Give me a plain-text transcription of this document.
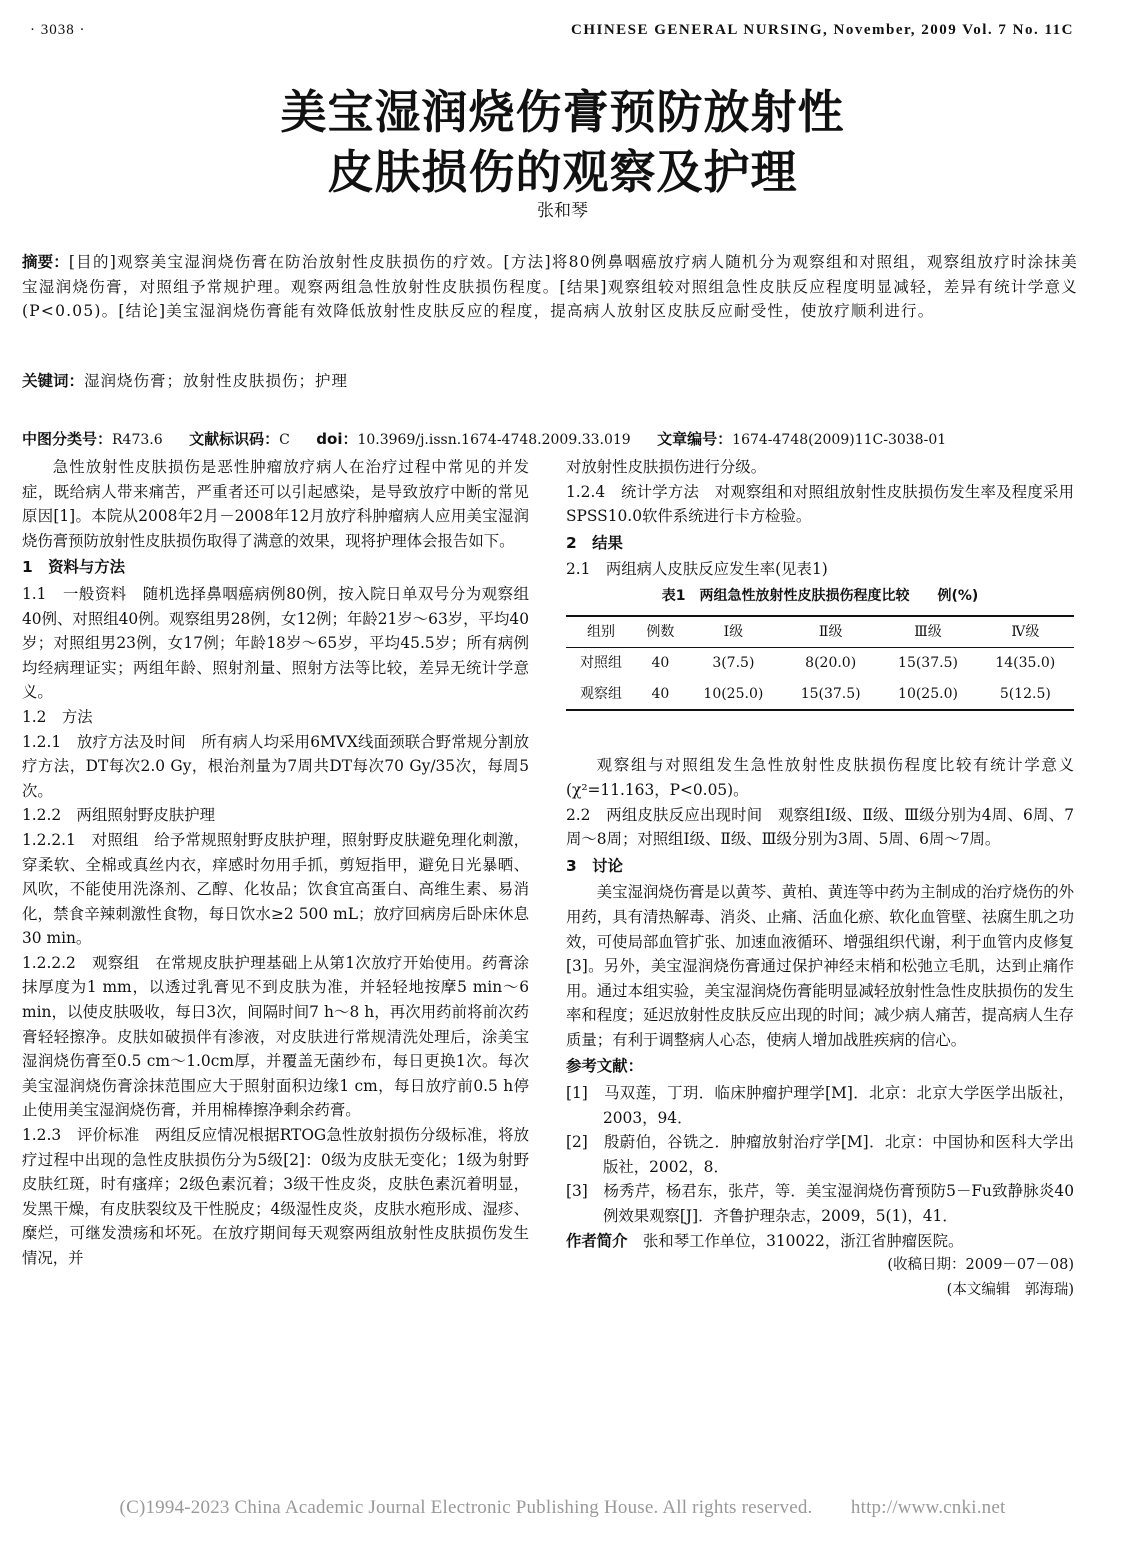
· 3038 ·	CHINESE GENERAL NURSING, November, 2009 Vol. 7 No. 11C
美宝湿润烧伤膏预防放射性
皮肤损伤的观察及护理
张和琴
摘要：[目的]观察美宝湿润烧伤膏在防治放射性皮肤损伤的疗效。[方法]将80例鼻咽癌放疗病人随机分为观察组和对照组，观察组放疗时涂抹美宝湿润烧伤膏，对照组予常规护理。观察两组急性放射性皮肤损伤程度。[结果]观察组较对照组急性皮肤反应程度明显减轻，差异有统计学意义(P<0.05)。[结论]美宝湿润烧伤膏能有效降低放射性皮肤反应的程度，提高病人放射区皮肤反应耐受性，使放疗顺利进行。
关键词：湿润烧伤膏；放射性皮肤损伤；护理
中图分类号：R473.6 文献标识码：C doi：10.3969/j.issn.1674-4748.2009.33.019 文章编号：1674-4748(2009)11C-3038-01

急性放射性皮肤损伤是恶性肿瘤放疗病人在治疗过程中常见的并发症，既给病人带来痛苦，严重者还可以引起感染，是导致放疗中断的常见原因[1]。本院从2008年2月－2008年12月放疗科肿瘤病人应用美宝湿润烧伤膏预防放射性皮肤损伤取得了满意的效果，现将护理体会报告如下。

1　资料与方法

1.1　一般资料　随机选择鼻咽癌病例80例，按入院日单双号分为观察组40例、对照组40例。观察组男28例，女12例；年龄21岁～63岁，平均40岁；对照组男23例，女17例；年龄18岁～65岁，平均45.5岁；所有病例均经病理证实；两组年龄、照射剂量、照射方法等比较，差异无统计学意义。

1.2　方法

1.2.1　放疗方法及时间　所有病人均采用6MVX线面颈联合野常规分割放疗方法，DT每次2.0 Gy，根治剂量为7周共DT每次70 Gy/35次，每周5次。

1.2.2　两组照射野皮肤护理

1.2.2.1　对照组　给予常规照射野皮肤护理，照射野皮肤避免理化刺激，穿柔软、全棉或真丝内衣，痒感时勿用手抓，剪短指甲，避免日光暴晒、风吹，不能使用洗涤剂、乙醇、化妆品；饮食宜高蛋白、高维生素、易消化，禁食辛辣刺激性食物，每日饮水≥2 500 mL；放疗回病房后卧床休息30 min。

1.2.2.2　观察组　在常规皮肤护理基础上从第1次放疗开始使用。药膏涂抹厚度为1 mm，以透过乳膏见不到皮肤为准，并轻轻地按摩5 min～6 min，以使皮肤吸收，每日3次，间隔时间7 h～8 h，再次用药前将前次药膏轻轻擦净。皮肤如破损伴有渗液，对皮肤进行常规清洗处理后，涂美宝湿润烧伤膏至0.5 cm～1.0cm厚，并覆盖无菌纱布，每日更换1次。每次美宝湿润烧伤膏涂抹范围应大于照射面积边缘1 cm，每日放疗前0.5 h停止使用美宝湿润烧伤膏，并用棉棒擦净剩余药膏。

1.2.3　评价标准　两组反应情况根据RTOG急性放射损伤分级标准，将放疗过程中出现的急性皮肤损伤分为5级[2]：0级为皮肤无变化；1级为射野皮肤红斑，时有瘙痒；2级色素沉着；3级干性皮炎，皮肤色素沉着明显，发黑干燥，有皮肤裂纹及干性脱皮；4级湿性皮炎，皮肤水疱形成、湿疹、糜烂，可继发溃疡和坏死。在放疗期间每天观察两组放射性皮肤损伤发生情况，并

对放射性皮肤损伤进行分级。

1.2.4　统计学方法　对观察组和对照组放射性皮肤损伤发生率及程度采用SPSS10.0软件系统进行卡方检验。

2　结果

2.1　两组病人皮肤反应发生率(见表1)

表1　两组急性放射性皮肤损伤程度比较　　例(%)
组别	例数	Ⅰ级	Ⅱ级	Ⅲ级	Ⅳ级
对照组	40	3(7.5)	8(20.0)	15(37.5)	14(35.0)
观察组	40	10(25.0)	15(37.5)	10(25.0)	5(12.5)

观察组与对照组发生急性放射性皮肤损伤程度比较有统计学意义(χ²=11.163，P<0.05)。

2.2　两组皮肤反应出现时间　观察组Ⅰ级、Ⅱ级、Ⅲ级分别为4周、6周、7周～8周；对照组Ⅰ级、Ⅱ级、Ⅲ级分别为3周、5周、6周～7周。

3　讨论

美宝湿润烧伤膏是以黄芩、黄柏、黄连等中药为主制成的治疗烧伤的外用药，具有清热解毒、消炎、止痛、活血化瘀、软化血管壁、祛腐生肌之功效，可使局部血管扩张、加速血液循环、增强组织代谢，利于血管内皮修复[3]。另外，美宝湿润烧伤膏通过保护神经末梢和松弛立毛肌，达到止痛作用。通过本组实验，美宝湿润烧伤膏能明显减轻放射性急性皮肤损伤的发生率和程度；延迟放射性皮肤反应出现的时间；减少病人痛苦，提高病人生存质量；有利于调整病人心态，使病人增加战胜疾病的信心。

参考文献：

[1]　马双莲，丁玥．临床肿瘤护理学[M]．北京：北京大学医学出版社，2003，94．

[2]　殷蔚伯，谷铣之．肿瘤放射治疗学[M]．北京：中国协和医科大学出版社，2002，8．

[3]　杨秀芹，杨君东，张芹，等．美宝湿润烧伤膏预防5－Fu致静脉炎40例效果观察[J]．齐鲁护理杂志，2009，5(1)，41．

作者简介　张和琴工作单位，310022，浙江省肿瘤医院。

(收稿日期：2009－07－08)

(本文编辑　郭海瑞)

(C)1994-2023 China Academic Journal Electronic Publishing House. All rights reserved.　　http://www.cnki.net
